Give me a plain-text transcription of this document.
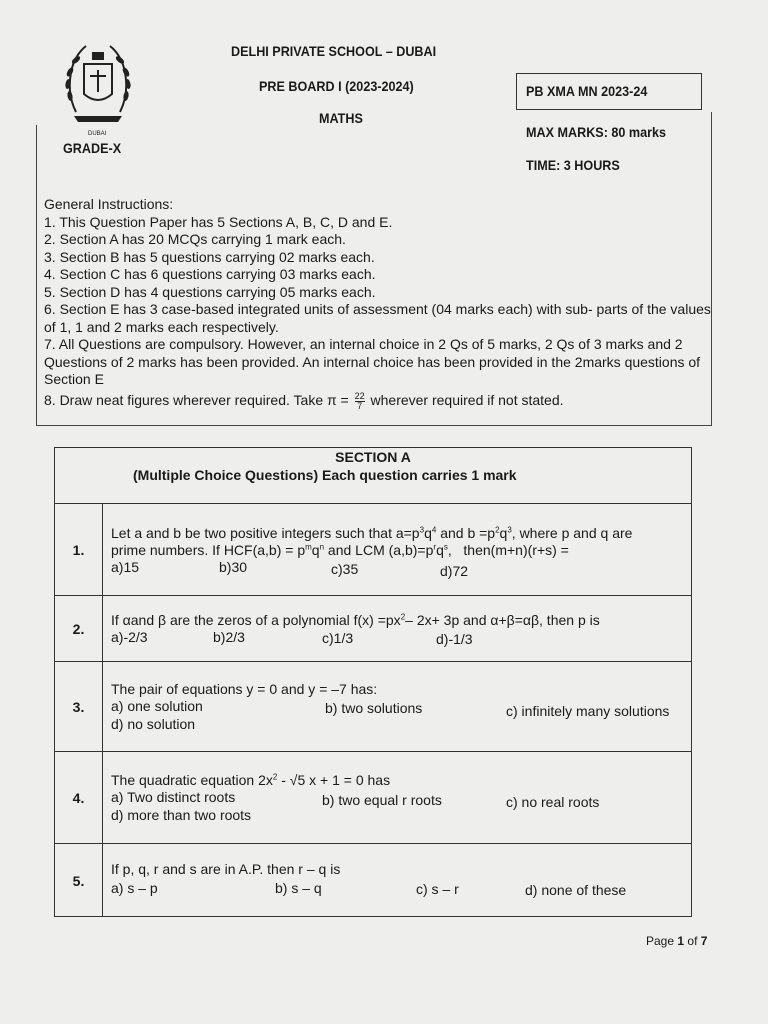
DUBAI
DELHI PRIVATE SCHOOL – DUBAI
PRE BOARD I (2023-2024)
MATHS
PB XMA MN 2023-24
MAX MARKS: 80 marks
TIME: 3 HOURS
GRADE-X
General Instructions:
1. This Question Paper has 5 Sections A, B, C, D and E.
2. Section A has 20 MCQs carrying 1 mark each.
3. Section B has 5 questions carrying 02 marks each.
4. Section C has 6 questions carrying 03 marks each.
5. Section D has 4 questions carrying 05 marks each.
6. Section E has 3 case-based integrated units of assessment (04 marks each) with sub- parts of the values of 1, 1 and 2 marks each respectively.
7. All Questions are compulsory. However, an internal choice in 2 Qs of 5 marks, 2 Qs of 3 marks and 2 Questions of 2 marks has been provided. An internal choice has been provided in the 2marks questions of Section E
8. Draw neat figures wherever required. Take $\pi = \frac{22}{7}$ wherever required if not stated.
SECTION A
(Multiple Choice Questions) Each question carries 1 mark
1.
Let a and b be two positive integers such that $a=p^3q^4$ and $b =p^2q^3$, where p and q are
prime numbers. If $HCF(a,b) = p^mq^n$ and LCM $(a,b)=p^rq^s$,   then(m+n)(r+s) =
a)15	b)30	c)35	d)72
2.
If αand β are the zeros of a polynomial $f(x) =px^2-$ 2x+ 3p and α+β=αβ, then p is
a)-2/3	b)2/3	c)1/3	d)-1/3
3.
The pair of equations y = 0 and y = –7 has:
a) one solution	b) two solutions	c) infinitely many solutions
d) no solution
4.
The quadratic equation $2x^2 - √5$ x + 1 = 0 has
a) Two distinct roots	b) two equal r roots	c) no real roots
d) more than two roots
5.
If p, q, r and s are in A.P. then r – q is
a) s – p	b) s – q	c) s – r	d) none of these
Page 1 of 7
